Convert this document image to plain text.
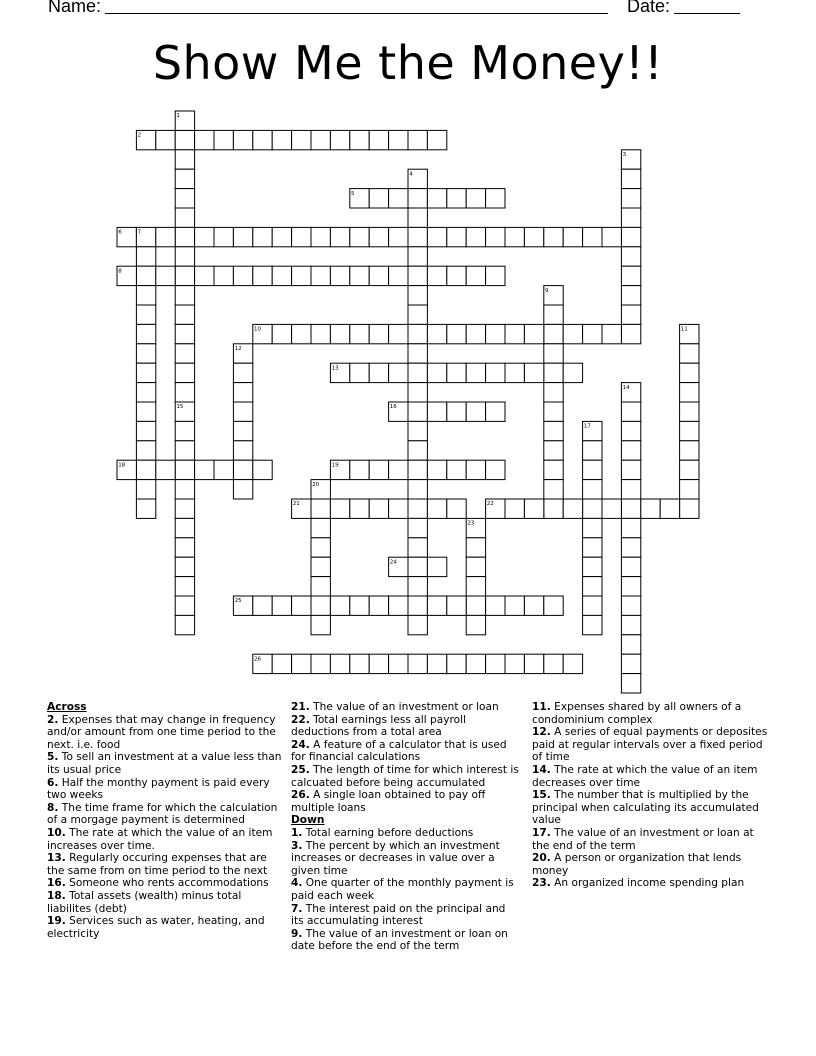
Name:	Date:
Show Me the Money!!
1
2
3
4
5
6	7
8
9
10	11
12
13
14
15	16
17
18	19
20
21	22
23
24
25
26

Across

2. Expenses that may change in frequency and/or amount from one time period to the next. i.e. food

5. To sell an investment at a value less than its usual price

6. Half the monthy payment is paid every two weeks

8. The time frame for which the calculation of a morgage payment is determined

10. The rate at which the value of an item increases over time.

13. Regularly occuring expenses that are the same from on time period to the next

16. Someone who rents accommodations

18. Total assets (wealth) minus total liabilites (debt)

19. Services such as water, heating, and electricity

21. The value of an investment or loan

22. Total earnings less all payroll deductions from a total area

24. A feature of a calculator that is used for financial calculations

25. The length of time for which interest is calcuated before being accumulated

26. A single loan obtained to pay off multiple loans

Down

1. Total earning before deductions

3. The percent by which an investment increases or decreases in value over a given time

4. One quarter of the monthly payment is paid each week

7. The interest paid on the principal and its accumulating interest

9. The value of an investment or loan on date before the end of the term

11. Expenses shared by all owners of a condominium complex

12. A series of equal payments or deposites paid at regular intervals over a fixed period of time

14. The rate at which the value of an item decreases over time

15. The number that is multiplied by the principal when calculating its accumulated value

17. The value of an investment or loan at the end of the term

20. A person or organization that lends money

23. An organized income spending plan
